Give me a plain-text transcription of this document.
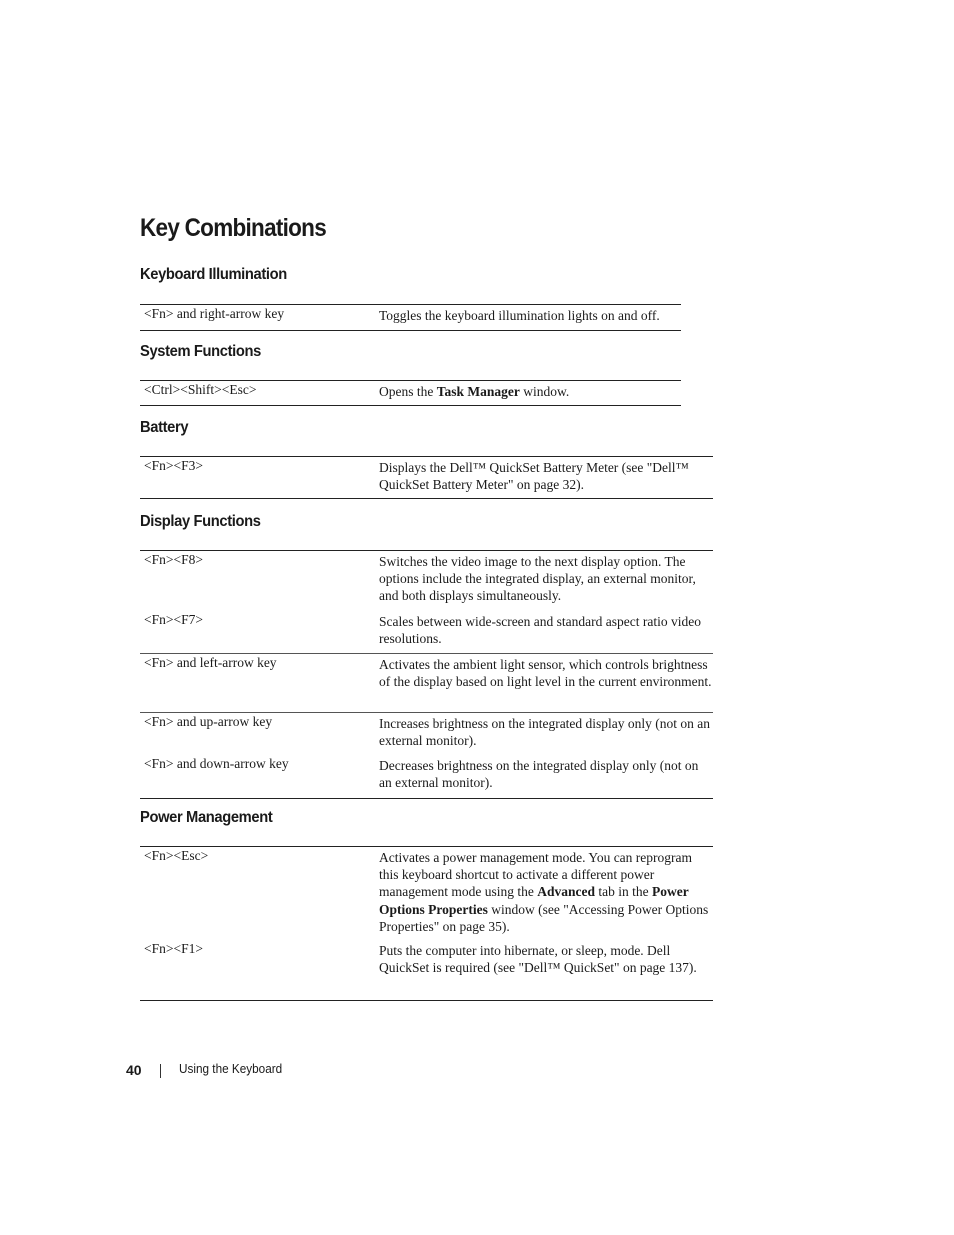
Key Combinations
Keyboard Illumination
<Fn> and right-arrow key	Toggles the keyboard illumination lights on and off.
System Functions
<Ctrl><Shift><Esc>	Opens the Task Manager window.
Battery
<Fn><F3>	Displays the Dell™ QuickSet Battery Meter (see "Dell™ QuickSet Battery Meter" on page 32).
Display Functions
<Fn><F8>	Switches the video image to the next display option. The options include the integrated display, an external monitor, and both displays simultaneously.
<Fn><F7>	Scales between wide-screen and standard aspect ratio video resolutions.
<Fn> and left-arrow key	Activates the ambient light sensor, which controls brightness of the display based on light level in the current environment.
<Fn> and up-arrow key	Increases brightness on the integrated display only (not on an external monitor).
<Fn> and down-arrow key	Decreases brightness on the integrated display only (not on an external monitor).
Power Management
<Fn><Esc>	Activates a power management mode. You can reprogram this keyboard shortcut to activate a different power management mode using the Advanced tab in the Power Options Properties window (see "Accessing Power Options Properties" on page 35).
<Fn><F1>	Puts the computer into hibernate, or sleep, mode. Dell QuickSet is required (see "Dell™ QuickSet" on page 137).
40	Using the Keyboard
